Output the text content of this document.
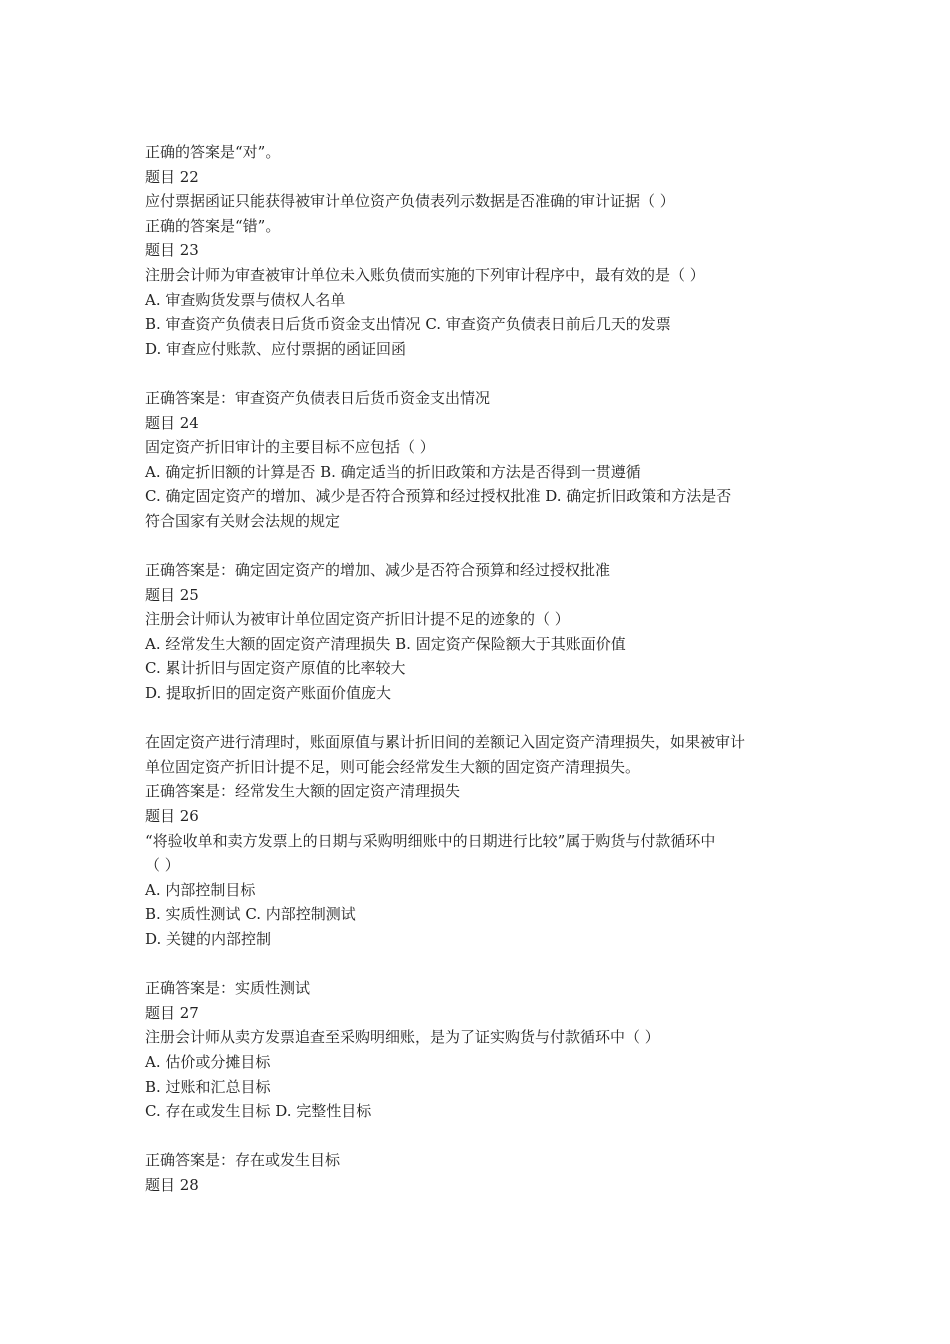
正确的答案是“对”。

题目 22

应付票据函证只能获得被审计单位资产负债表列示数据是否准确的审计证据（ ）

正确的答案是“错”。

题目 23

注册会计师为审查被审计单位未入账负债而实施的下列审计程序中，最有效的是（ ）

A. 审查购货发票与债权人名单

B. 审查资产负债表日后货币资金支出情况 C. 审查资产负债表日前后几天的发票

D. 审查应付账款、应付票据的函证回函

正确答案是：审查资产负债表日后货币资金支出情况

题目 24

固定资产折旧审计的主要目标不应包括（ ）

A. 确定折旧额的计算是否 B. 确定适当的折旧政策和方法是否得到一贯遵循

C. 确定固定资产的增加、减少是否符合预算和经过授权批准 D. 确定折旧政策和方法是否

符合国家有关财会法规的规定

正确答案是：确定固定资产的增加、减少是否符合预算和经过授权批准

题目 25

注册会计师认为被审计单位固定资产折旧计提不足的迹象的（ ）

A. 经常发生大额的固定资产清理损失 B. 固定资产保险额大于其账面价值

C. 累计折旧与固定资产原值的比率较大

D. 提取折旧的固定资产账面价值庞大

在固定资产进行清理时，账面原值与累计折旧间的差额记入固定资产清理损失，如果被审计

单位固定资产折旧计提不足，则可能会经常发生大额的固定资产清理损失。

正确答案是：经常发生大额的固定资产清理损失

题目 26

“将验收单和卖方发票上的日期与采购明细账中的日期进行比较”属于购货与付款循环中

（ ）

A. 内部控制目标

B. 实质性测试 C. 内部控制测试

D. 关键的内部控制

正确答案是：实质性测试

题目 27

注册会计师从卖方发票追查至采购明细账，是为了证实购货与付款循环中（ ）

A. 估价或分摊目标

B. 过账和汇总目标

C. 存在或发生目标 D. 完整性目标

正确答案是：存在或发生目标

题目 28
